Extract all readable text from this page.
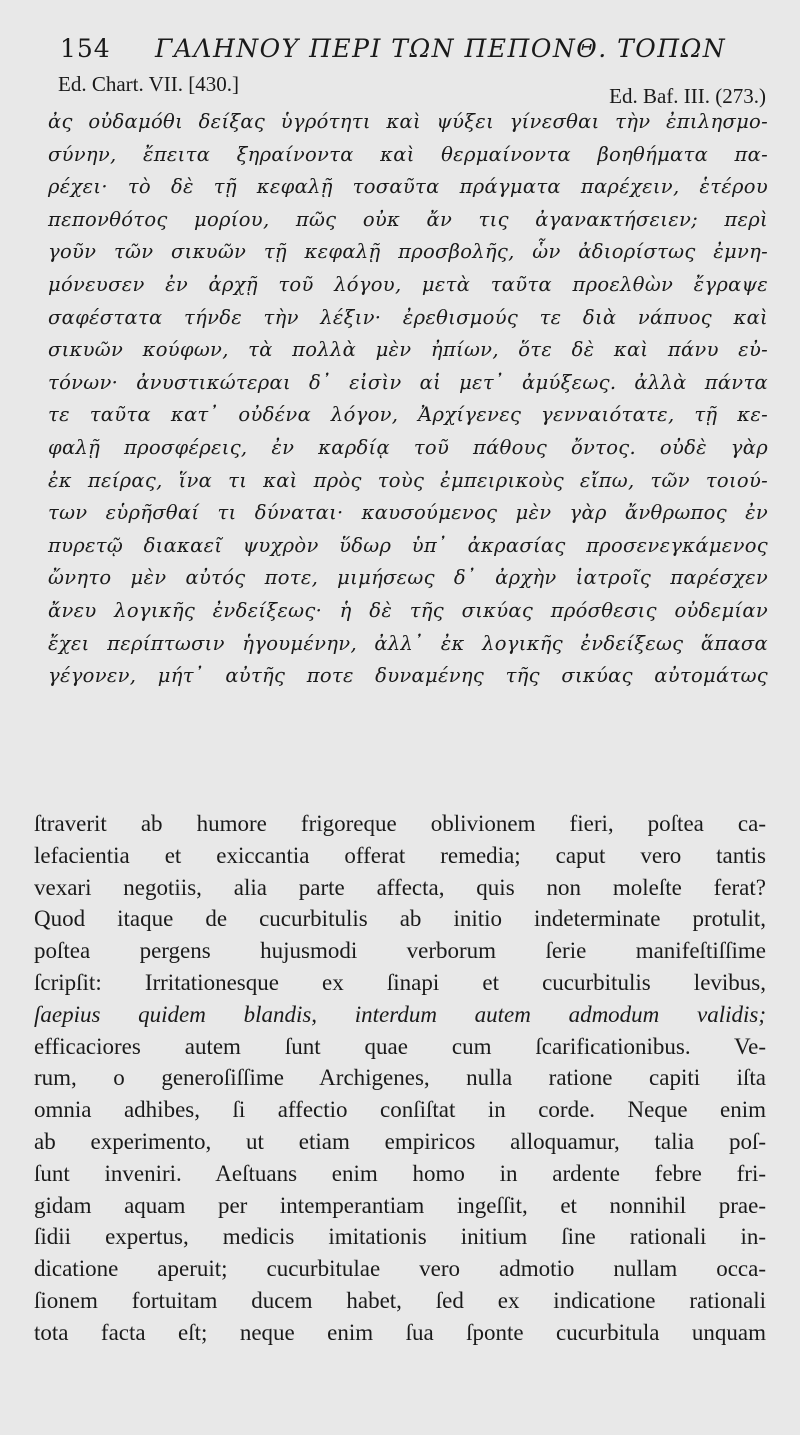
154 ΓΑΛΗΝΟΥ ΠΕΡΙ ΤΩΝ ΠΕΠΟΝΘ. ΤΟΠΩΝ
Ed. Chart. VII. [430.]	Ed. Baf. III. (273.)
ἀς οὐδαμόθι δείξας ὑγρότητι καὶ ψύξει γίνεσθαι τὴν ἐπιλησμο-
σύνην, ἔπειτα ξηραίνοντα καὶ θερμαίνοντα βοηθήματα πα-
ρέχει· τὸ δὲ τῇ κεφαλῇ τοσαῦτα πράγματα παρέχειν, ἑτέρου
πεπονθότος μορίου, πῶς οὐκ ἄν τις ἀγανακτήσειεν; περὶ
γοῦν τῶν σικυῶν τῇ κεφαλῇ προσβολῆς, ὧν ἀδιορίστως ἐμνη-
μόνευσεν ἐν ἀρχῇ τοῦ λόγου, μετὰ ταῦτα προελθὼν ἔγραψε
σαφέστατα τήνδε τὴν λέξιν· ἐρεθισμούς τε διὰ νάπυος καὶ
σικυῶν κούφων, τὰ πολλὰ μὲν ἠπίων, ὅτε δὲ καὶ πάνυ εὐ-
τόνων· ἀνυστικώτεραι δ᾽ εἰσὶν αἱ μετ᾽ ἀμύξεως. ἀλλὰ πάντα
τε ταῦτα κατ᾽ οὐδένα λόγον, Ἀρχίγενες γενναιότατε, τῇ κε-
φαλῇ προσφέρεις, ἐν καρδίᾳ τοῦ πάθους ὄντος. οὐδὲ γὰρ
ἐκ πείρας, ἵνα τι καὶ πρὸς τοὺς ἐμπειρικοὺς εἴπω, τῶν τοιού-
των εὑρῆσθαί τι δύναται· καυσούμενος μὲν γὰρ ἄνθρωπος ἐν
πυρετῷ διακαεῖ ψυχρὸν ὕδωρ ὑπ᾽ ἀκρασίας προσενεγκάμενος
ὤνητο μὲν αὐτός ποτε, μιμήσεως δ᾽ ἀρχὴν ἰατροῖς παρέσχεν
ἄνευ λογικῆς ἐνδείξεως· ἡ δὲ τῆς σικύας πρόσθεσις οὐδεμίαν
ἔχει περίπτωσιν ἡγουμένην, ἀλλ᾽ ἐκ λογικῆς ἐνδείξεως ἅπασα
γέγονεν, μήτ᾽ αὐτῆς ποτε δυναμένης τῆς σικύας αὐτομάτως
ſtraverit ab humore frigoreque oblivionem fieri, poſtea ca-
lefacientia et exiccantia offerat remedia; caput vero tantis
vexari negotiis, alia parte affecta, quis non moleſte ferat?
Quod itaque de cucurbitulis ab initio indeterminate protulit,
poſtea pergens hujusmodi verborum ſerie manifeſtiſſime
ſcripſit: Irritationesque ex ſinapi et cucurbitulis levibus,
ſaepius quidem blandis, interdum autem admodum validis;
efficaciores autem ſunt quae cum ſcarificationibus. Ve-
rum, o generoſiſſime Archigenes, nulla ratione capiti iſta
omnia adhibes, ſi affectio conſiſtat in corde. Neque enim
ab experimento, ut etiam empiricos alloquamur, talia poſ-
ſunt inveniri. Aeſtuans enim homo in ardente febre fri-
gidam aquam per intemperantiam ingeſſit, et nonnihil prae-
ſidii expertus, medicis imitationis initium ſine rationali in-
dicatione aperuit; cucurbitulae vero admotio nullam occa-
ſionem fortuitam ducem habet, ſed ex indicatione rationali
tota facta eſt; neque enim ſua ſponte cucurbitula unquam
